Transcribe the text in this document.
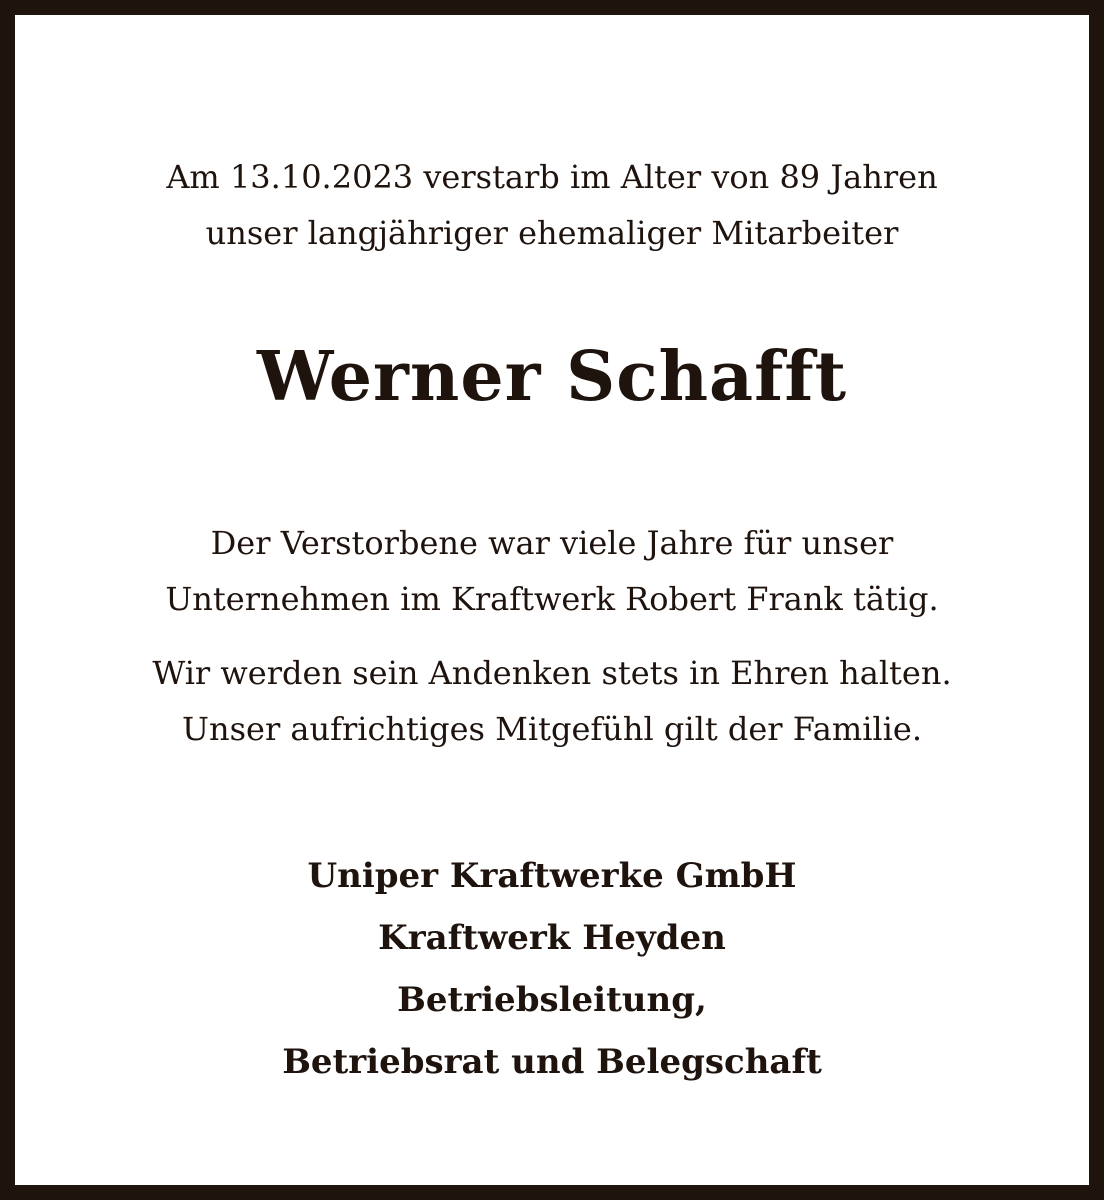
Am 13.10.2023 verstarb im Alter von 89 Jahren
unser langjähriger ehemaliger Mitarbeiter
Werner Schafft
Der Verstorbene war viele Jahre für unser
Unternehmen im Kraftwerk Robert Frank tätig.
Wir werden sein Andenken stets in Ehren halten.
Unser aufrichtiges Mitgefühl gilt der Familie.
Uniper Kraftwerke GmbH
Kraftwerk Heyden
Betriebsleitung,
Betriebsrat und Belegschaft
